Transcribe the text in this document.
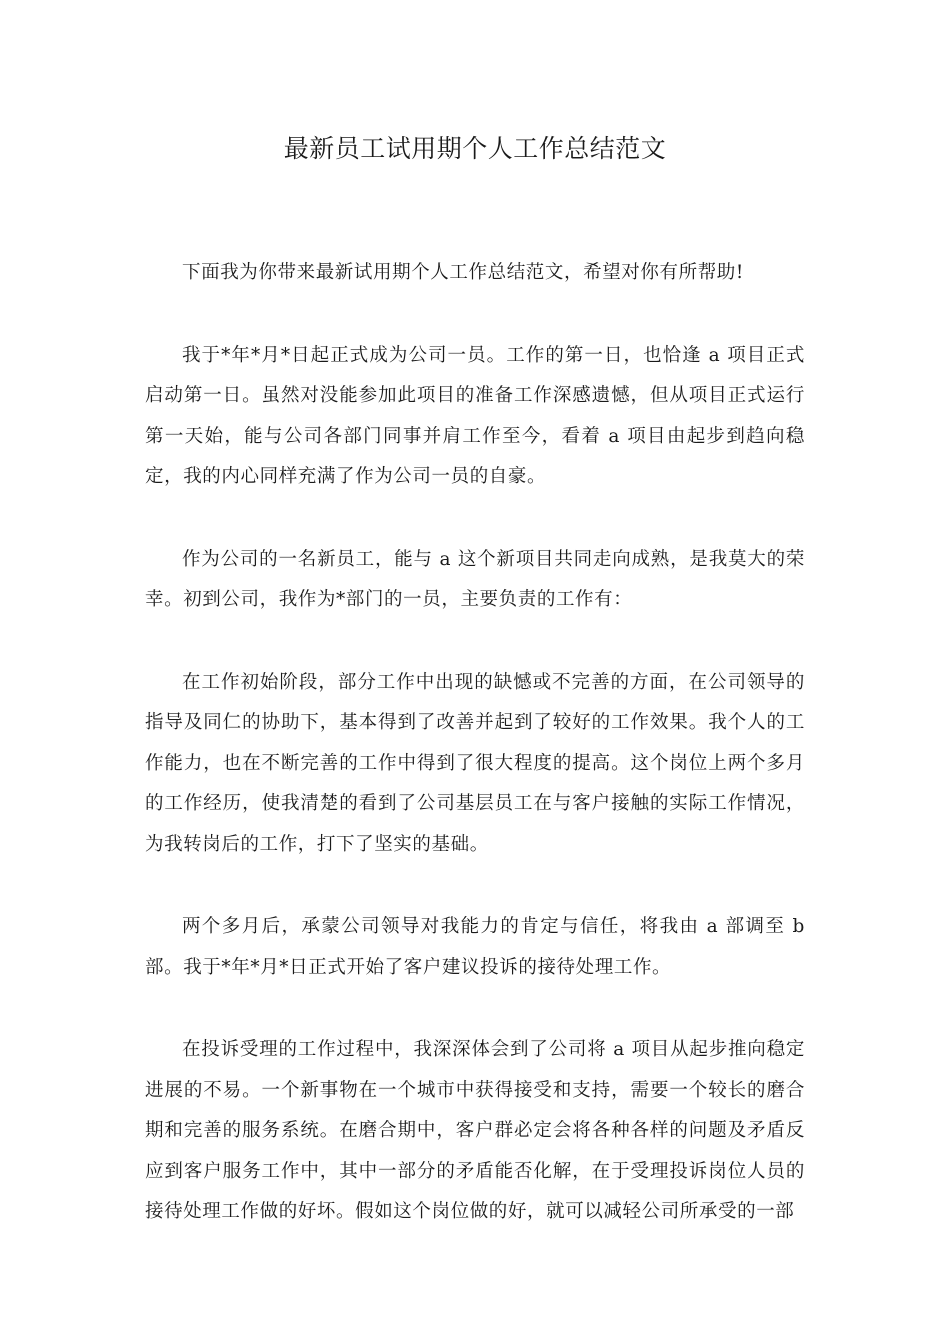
最新员工试用期个人工作总结范文

下面我为你带来最新试用期个人工作总结范文，希望对你有所帮助!

我于*年*月*日起正式成为公司一员。工作的第一日，也恰逢 a 项目正式启动第一日。虽然对没能参加此项目的准备工作深感遗憾，但从项目正式运行第一天始，能与公司各部门同事并肩工作至今，看着 a 项目由起步到趋向稳定，我的内心同样充满了作为公司一员的自豪。

作为公司的一名新员工，能与 a 这个新项目共同走向成熟，是我莫大的荣幸。初到公司，我作为*部门的一员，主要负责的工作有：

在工作初始阶段，部分工作中出现的缺憾或不完善的方面，在公司领导的指导及同仁的协助下，基本得到了改善并起到了较好的工作效果。我个人的工作能力，也在不断完善的工作中得到了很大程度的提高。这个岗位上两个多月的工作经历，使我清楚的看到了公司基层员工在与客户接触的实际工作情况，为我转岗后的工作，打下了坚实的基础。

两个多月后，承蒙公司领导对我能力的肯定与信任，将我由 a 部调至 b 部。我于*年*月*日正式开始了客户建议投诉的接待处理工作。

在投诉受理的工作过程中，我深深体会到了公司将 a 项目从起步推向稳定进展的不易。一个新事物在一个城市中获得接受和支持，需要一个较长的磨合期和完善的服务系统。在磨合期中，客户群必定会将各种各样的问题及矛盾反应到客户服务工作中，其中一部分的矛盾能否化解，在于受理投诉岗位人员的接待处理工作做的好坏。假如这个岗位做的好，就可以减轻公司所承受的一部
